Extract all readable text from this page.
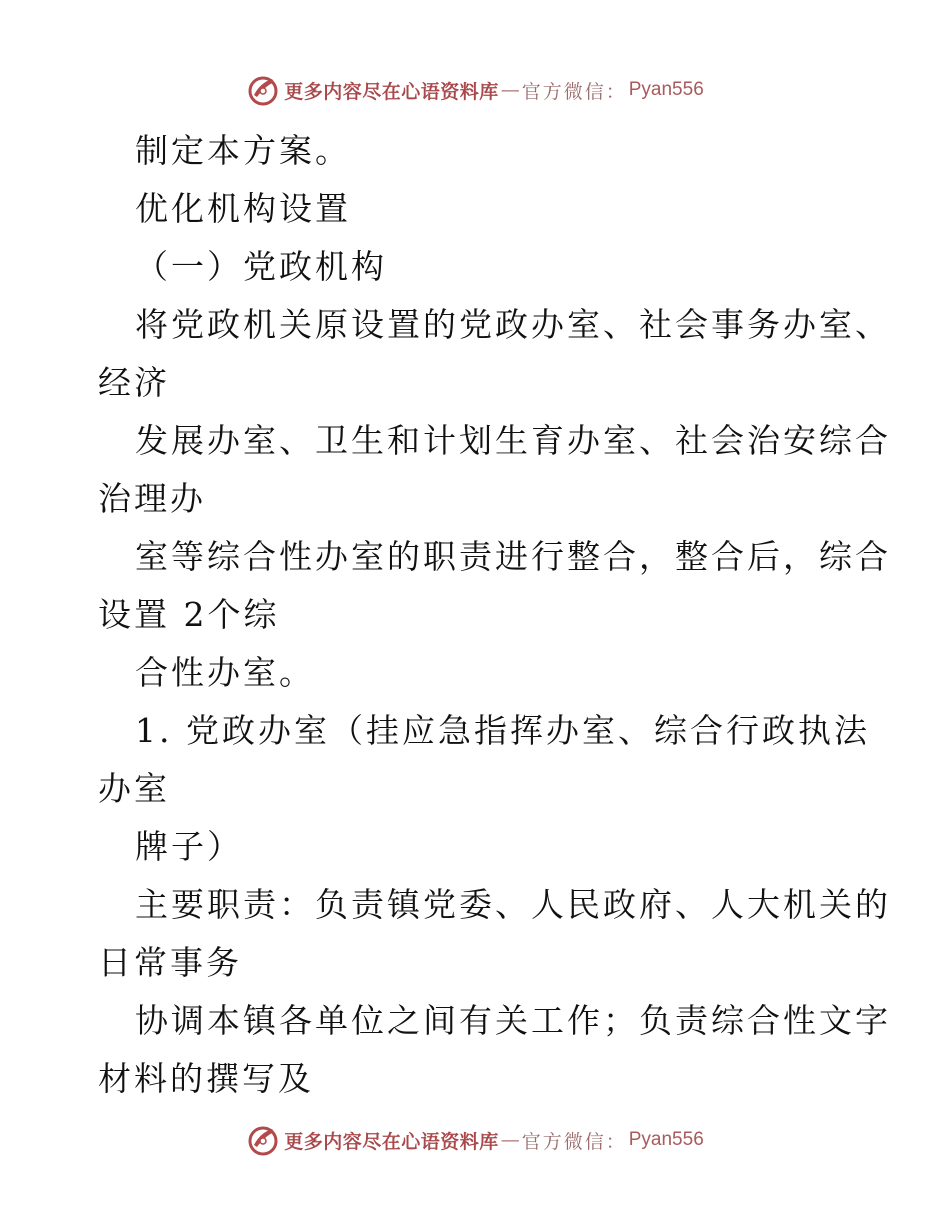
更多内容尽在心语资料库 — 官方微信： Pyan556
制定本方案。
优化机构设置
（一）党政机构
将党政机关原设置的党政办室、社会事务办室、
经济
发展办室、卫生和计划生育办室、社会治安综合
治理办
室等综合性办室的职责进行整合，整合后，综合
设置 2个综
合性办室。
1. 党政办室（挂应急指挥办室、综合行政执法
办室
牌子）
主要职责：负责镇党委、人民政府、人大机关的
日常事务
协调本镇各单位之间有关工作；负责综合性文字
材料的撰写及
更多内容尽在心语资料库 — 官方微信： Pyan556
